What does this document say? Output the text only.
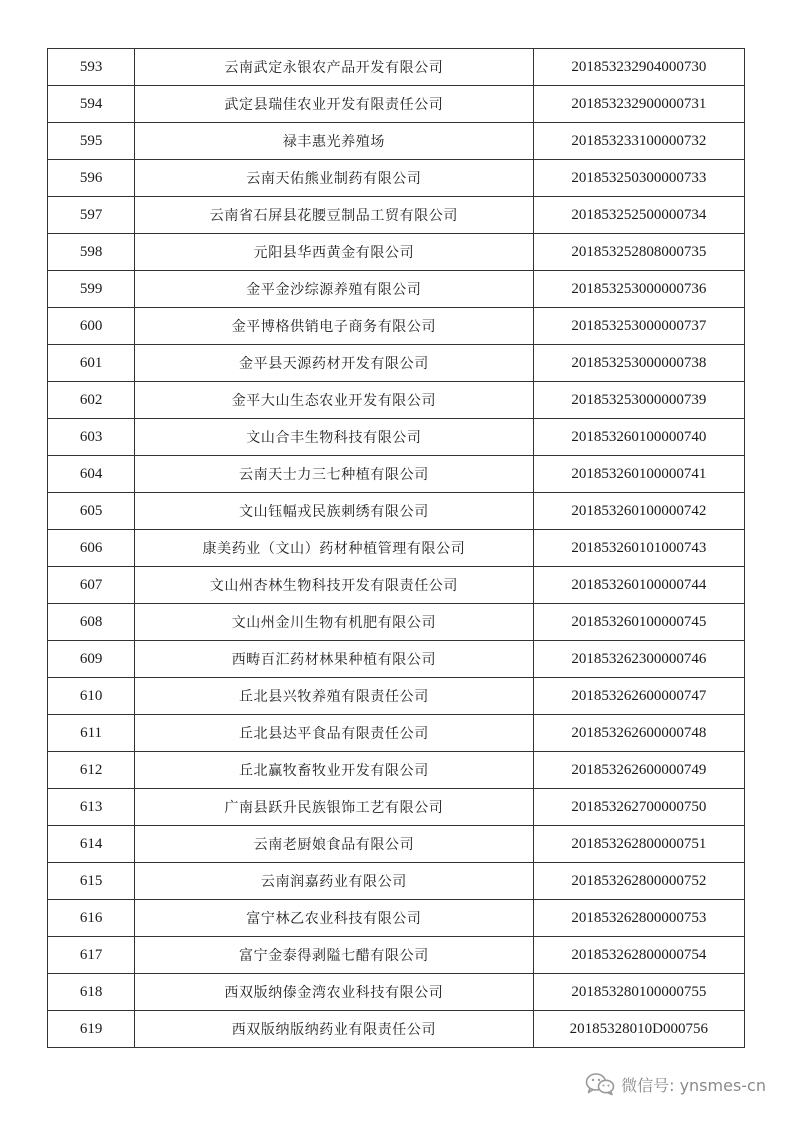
593	云南武定永银农产品开发有限公司	201853232904000730
594	武定县瑞佳农业开发有限责任公司	201853232900000731
595	禄丰惠光养殖场	201853233100000732
596	云南天佑熊业制药有限公司	201853250300000733
597	云南省石屏县花腰豆制品工贸有限公司	201853252500000734
598	元阳县华西黄金有限公司	201853252808000735
599	金平金沙综源养殖有限公司	201853253000000736
600	金平博格供销电子商务有限公司	201853253000000737
601	金平县天源药材开发有限公司	201853253000000738
602	金平大山生态农业开发有限公司	201853253000000739
603	文山合丰生物科技有限公司	201853260100000740
604	云南天士力三七种植有限公司	201853260100000741
605	文山钰幅戎民族刺绣有限公司	201853260100000742
606	康美药业（文山）药材种植管理有限公司	201853260101000743
607	文山州杏林生物科技开发有限责任公司	201853260100000744
608	文山州金川生物有机肥有限公司	201853260100000745
609	西畴百汇药材林果种植有限公司	201853262300000746
610	丘北县兴牧养殖有限责任公司	201853262600000747
611	丘北县达平食品有限责任公司	201853262600000748
612	丘北赢牧畜牧业开发有限公司	201853262600000749
613	广南县跃升民族银饰工艺有限公司	201853262700000750
614	云南老厨娘食品有限公司	201853262800000751
615	云南润嘉药业有限公司	201853262800000752
616	富宁林乙农业科技有限公司	201853262800000753
617	富宁金泰得剥隘七醋有限公司	201853262800000754
618	西双版纳傣金湾农业科技有限公司	201853280100000755
619	西双版纳版纳药业有限责任公司	20185328010D000756
微信号: ynsmes-cn
